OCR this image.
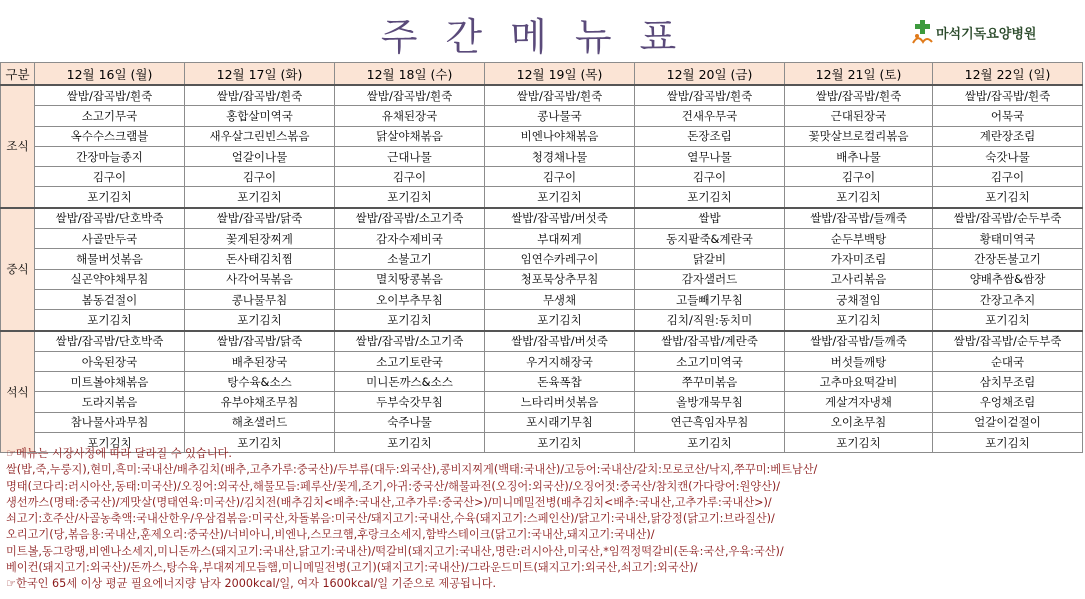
주간메뉴표	마석기독요양병원
구분	12월 16일 (월)	12월 17일 (화)	12월 18일 (수)	12월 19일 (목)	12월 20일 (금)	12월 21일 (토)	12월 22일 (일)
조식	쌀밥/잡곡밥/흰죽	쌀밥/잡곡밥/흰죽	쌀밥/잡곡밥/흰죽	쌀밥/잡곡밥/흰죽	쌀밥/잡곡밥/흰죽	쌀밥/잡곡밥/흰죽	쌀밥/잡곡밥/흰죽
	소고기무국	홍합살미역국	유채된장국	콩나물국	건새우무국	근대된장국	어묵국
	옥수수스크램블	새우살그린빈스볶음	닭살야채볶음	비엔나야채볶음	돈장조림	꽃맛살브로컬리볶음	계란장조림
	간장마늘종지	얼갈이나물	근대나물	청경채나물	열무나물	배추나물	숙갓나물
	김구이	김구이	김구이	김구이	김구이	김구이	김구이
	포기김치	포기김치	포기김치	포기김치	포기김치	포기김치	포기김치
중식	쌀밥/잡곡밥/단호박죽	쌀밥/잡곡밥/닭죽	쌀밥/잡곡밥/소고기죽	쌀밥/잡곡밥/버섯죽	쌀밥	쌀밥/잡곡밥/들깨죽	쌀밥/잡곡밥/순두부죽
	사골만두국	꽃게된장찌게	감자수제비국	부대찌게	동지팥죽&계란국	순두부백탕	황태미역국
	해물버섯볶음	돈사태김치찜	소불고기	임연수카레구이	닭갈비	가자미조림	간장돈불고기
	실곤약야채무침	사각어묵볶음	멸치땅콩볶음	청포묵상추무침	감자샐러드	고사리볶음	양배추쌈&쌈장
	봄동겉절이	콩나물무침	오이부추무침	무생채	고들빼기무침	궁채절임	간장고추지
	포기김치	포기김치	포기김치	포기김치	김치/직원:동치미	포기김치	포기김치
석식	쌀밥/잡곡밥/단호박죽	쌀밥/잡곡밥/닭죽	쌀밥/잡곡밥/소고기죽	쌀밥/잡곡밥/버섯죽	쌀밥/잡곡밥/계란죽	쌀밥/잡곡밥/들깨죽	쌀밥/잡곡밥/순두부죽
	아욱된장국	배추된장국	소고기토란국	우거지해장국	소고기미역국	버섯들깨탕	순대국
	미트볼야채볶음	탕수육&소스	미니돈까스&소스	돈육폭찹	쭈꾸미볶음	고추마요떡갈비	삼치무조림
	도라지볶음	유부야채조무침	두부숙갓무침	느타리버섯볶음	올방개묵무침	게살겨자냉채	우엉채조림
	참나물사과무침	해초샐러드	숙주나물	포시래기무침	연근흑임자무침	오이초무침	얼갈이겉절이
	포기김치	포기김치	포기김치	포기김치	포기김치	포기김치	포기김치
☞메뉴는 시장사정에 따라 달라질 수 있습니다.
쌀(밥,죽,누룽지),현미,흑미:국내산/배추김치(배추,고추가루:중국산)/두부류(대두:외국산),콩비지찌게(백태:국내산)/고등어:국내산/갈치:모로코산/낙지,쭈꾸미:베트남산/
명태(코다리:러시아산,동태:미국산)/오징어:외국산,해물모듬:페루산/꽃게,조기,아귀:중국산/해물파전(오징어:외국산)/오징어젓:중국산/참치캔(가다랑어:원양산)/
생선까스(명태:중국산)/게맛살(명태연육:미국산)/김치전(배추김치<배추:국내산,고추가루:중국산>)/미니메밀전병(배추김치<배추:국내산,고추가루:국내산>)/
쇠고기:호주산/사골농축액:국내산한우/우삼겹볶음:미국산,차돌볶음:미국산/돼지고기:국내산,수육(돼지고기:스페인산)/닭고기:국내산,닭강정(닭고기:브라질산)/
오리고기(당,볶음용:국내산,훈제오리:중국산)/너비아니,비엔나,스모크햄,후랑크소세지,함박스테이크(닭고기:국내산,돼지고기:국내산)/
미트볼,동그랑땡,비엔나소세지,미니돈까스(돼지고기:국내산,닭고기:국내산)/떡갈비(돼지고기:국내산,명란:러시아산,미국산,*임꺽정떡갈비(돈육:국산,우육:국산)/
베이컨(돼지고기:외국산)/돈까스,탕수육,부대찌게모듬햄,미니메밀전병(고기)(돼지고기:국내산)/그라운드미트(돼지고기:외국산,쇠고기:외국산)/
☞한국인 65세 이상 평균 필요에너지량 남자 2000kcal/일, 여자 1600kcal/일 기준으로 제공됩니다.
